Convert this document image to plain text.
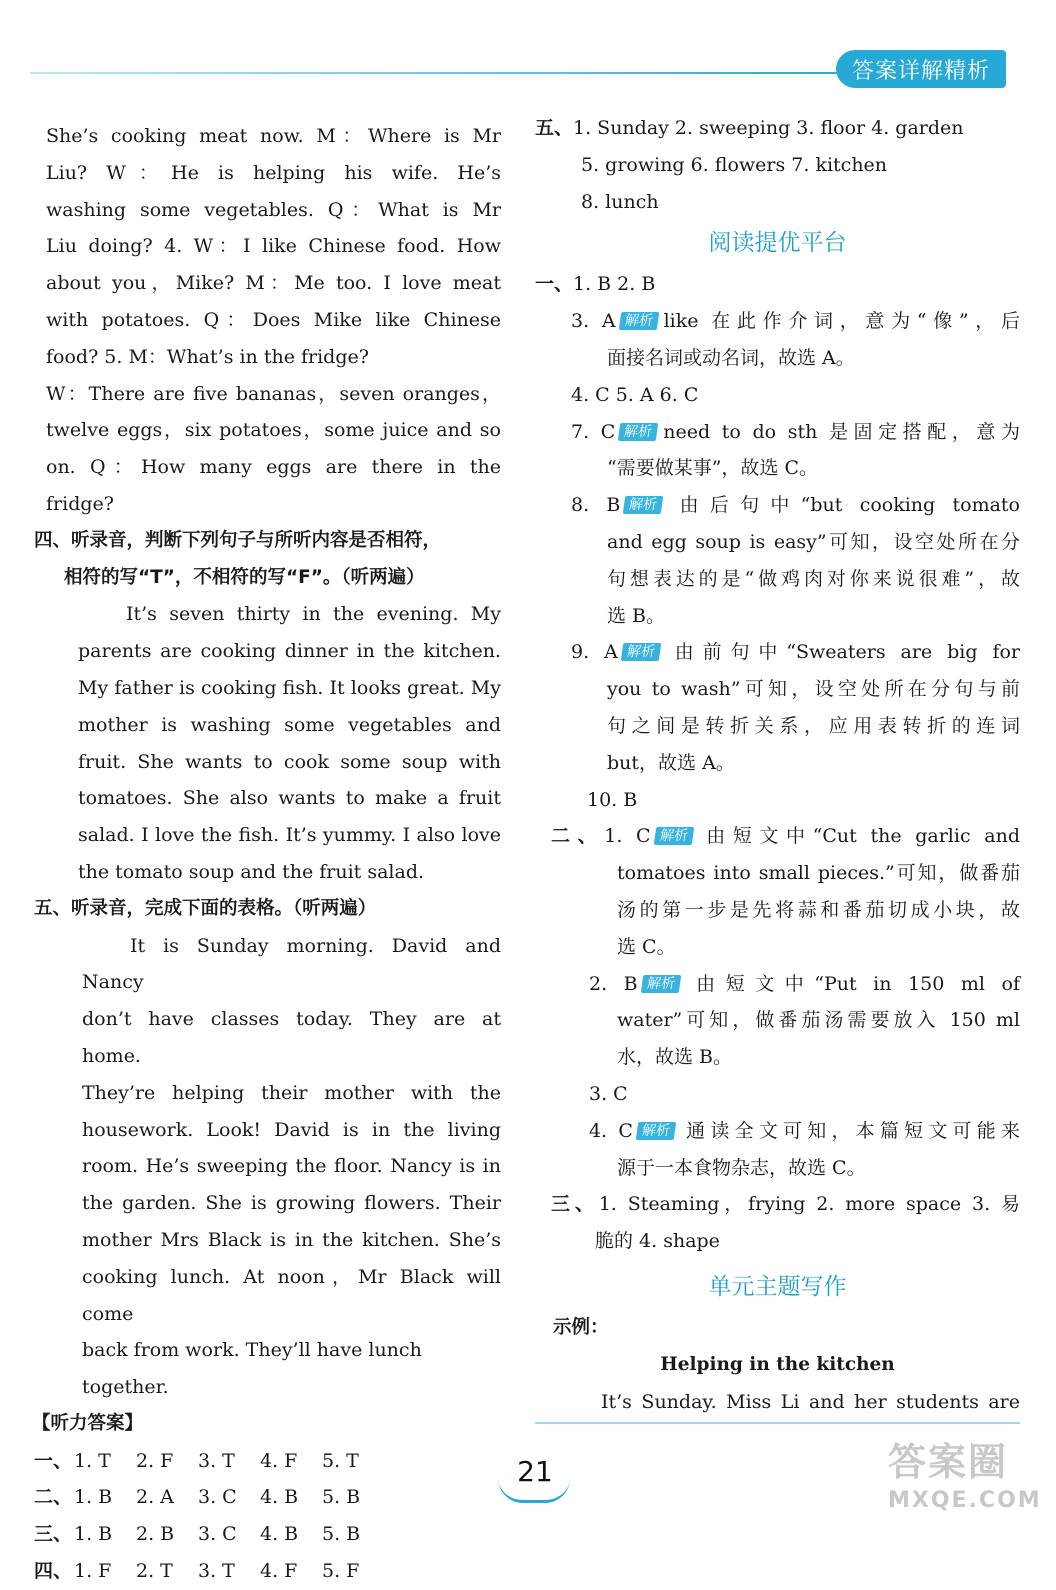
答案详解精析
She’s cooking meat now. M：Where is Mr
Liu? W：He is helping his wife. He’s
washing some vegetables. Q：What is Mr
Liu doing? 4. W：I like Chinese food. How
about you，Mike? M：Me too. I love meat
with potatoes. Q：Does Mike like Chinese
food? 5. M：What’s in the fridge?
W：There are five bananas，seven oranges，
twelve eggs，six potatoes，some juice and so
on. Q：How many eggs are there in the
fridge?
四、听录音，判断下列句子与所听内容是否相符，
相符的写“T”，不相符的写“F”。（听两遍）
It’s seven thirty in the evening. My
parents are cooking dinner in the kitchen.
My father is cooking fish. It looks great. My
mother is washing some vegetables and
fruit. She wants to cook some soup with
tomatoes. She also wants to make a fruit
salad. I love the fish. It’s yummy. I also love
the tomato soup and the fruit salad.
五、听录音，完成下面的表格。（听两遍）
It is Sunday morning. David and Nancy
don’t have classes today. They are at home.
They’re helping their mother with the
housework. Look! David is in the living
room. He’s sweeping the floor. Nancy is in
the garden. She is growing flowers. Their
mother Mrs Black is in the kitchen. She’s
cooking lunch. At noon，Mr Black will come
back from work. They’ll have lunch together.
【听力答案】
一、 1. T 2. F 3. T 4. F 5. T
二、 1. B 2. A 3. C 4. B 5. B
三、 1. B 2. B 3. C 4. B 5. B
四、 1. F 2. T 3. T 4. F 5. F
五、1. Sunday 2. sweeping 3. floor 4. garden
5. growing 6. flowers 7. kitchen
8. lunch
阅读提优平台
一、1. B 2. B
3. A 解析 like 在此作介词，意为“像”，后
面接名词或动名词，故选 A。
4. C 5. A 6. C
7. C 解析 need to do sth 是固定搭配，意为
“需要做某事”，故选 C。
8. B 解析 由后句中“but cooking tomato
and egg soup is easy”可知，设空处所在分
句想表达的是“做鸡肉对你来说很难”，故
选 B。
9. A 解析 由前句中“Sweaters are big for
you to wash”可知，设空处所在分句与前
句之间是转折关系，应用表转折的连词
but，故选 A。
10. B
二、1. C 解析 由短文中“Cut the garlic and
tomatoes into small pieces.”可知，做番茄
汤的第一步是先将蒜和番茄切成小块，故
选 C。
2. B 解析 由短文中“Put in 150 ml of
water”可知，做番茄汤需要放入 150 ml
水，故选 B。
3. C
4. C 解析 通读全文可知，本篇短文可能来
源于一本食物杂志，故选 C。
三、1. Steaming，frying 2. more space 3. 易
脆的 4. shape
单元主题写作
示例：
Helping in the kitchen
It’s Sunday. Miss Li and her students are
21	答案圈
MXQE.COM
